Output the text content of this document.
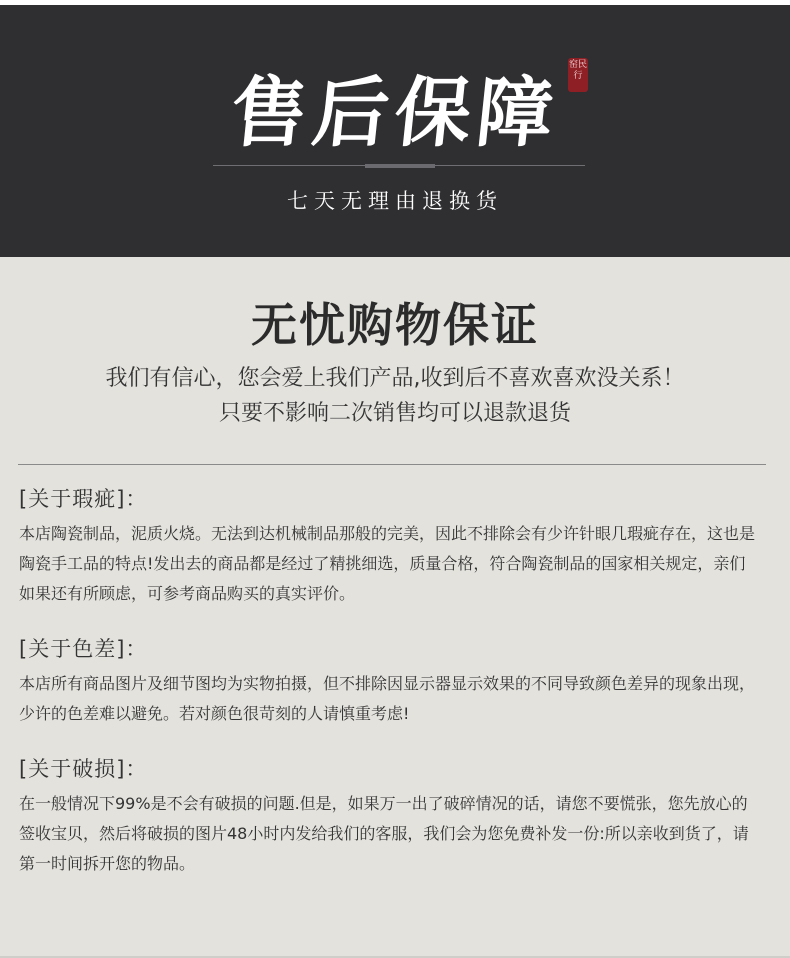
售后保障
窑民行
七天无理由退换货
无忧购物保证
我们有信心，您会爱上我们产品,收到后不喜欢喜欢没关系！
只要不影响二次销售均可以退款退货

[关于瑕疵]：

本店陶瓷制品，泥质火烧。无法到达机械制品那般的完美，因此不排除会有少许针眼几瑕疵存在，这也是陶瓷手工品的特点!发出去的商品都是经过了精挑细选，质量合格，符合陶瓷制品的国家相关规定，亲们如果还有所顾虑，可参考商品购买的真实评价。

[关于色差]：

本店所有商品图片及细节图均为实物拍摄，但不排除因显示器显示效果的不同导致颜色差异的现象出现，少许的色差难以避免。若对颜色很苛刻的人请慎重考虑!

[关于破损]：

在一般情况下99%是不会有破损的问题.但是，如果万一出了破碎情况的话，请您不要慌张，您先放心的签收宝贝，然后将破损的图片48小时内发给我们的客服，我们会为您免费补发一份:所以亲收到货了，请第一时间拆开您的物品。
